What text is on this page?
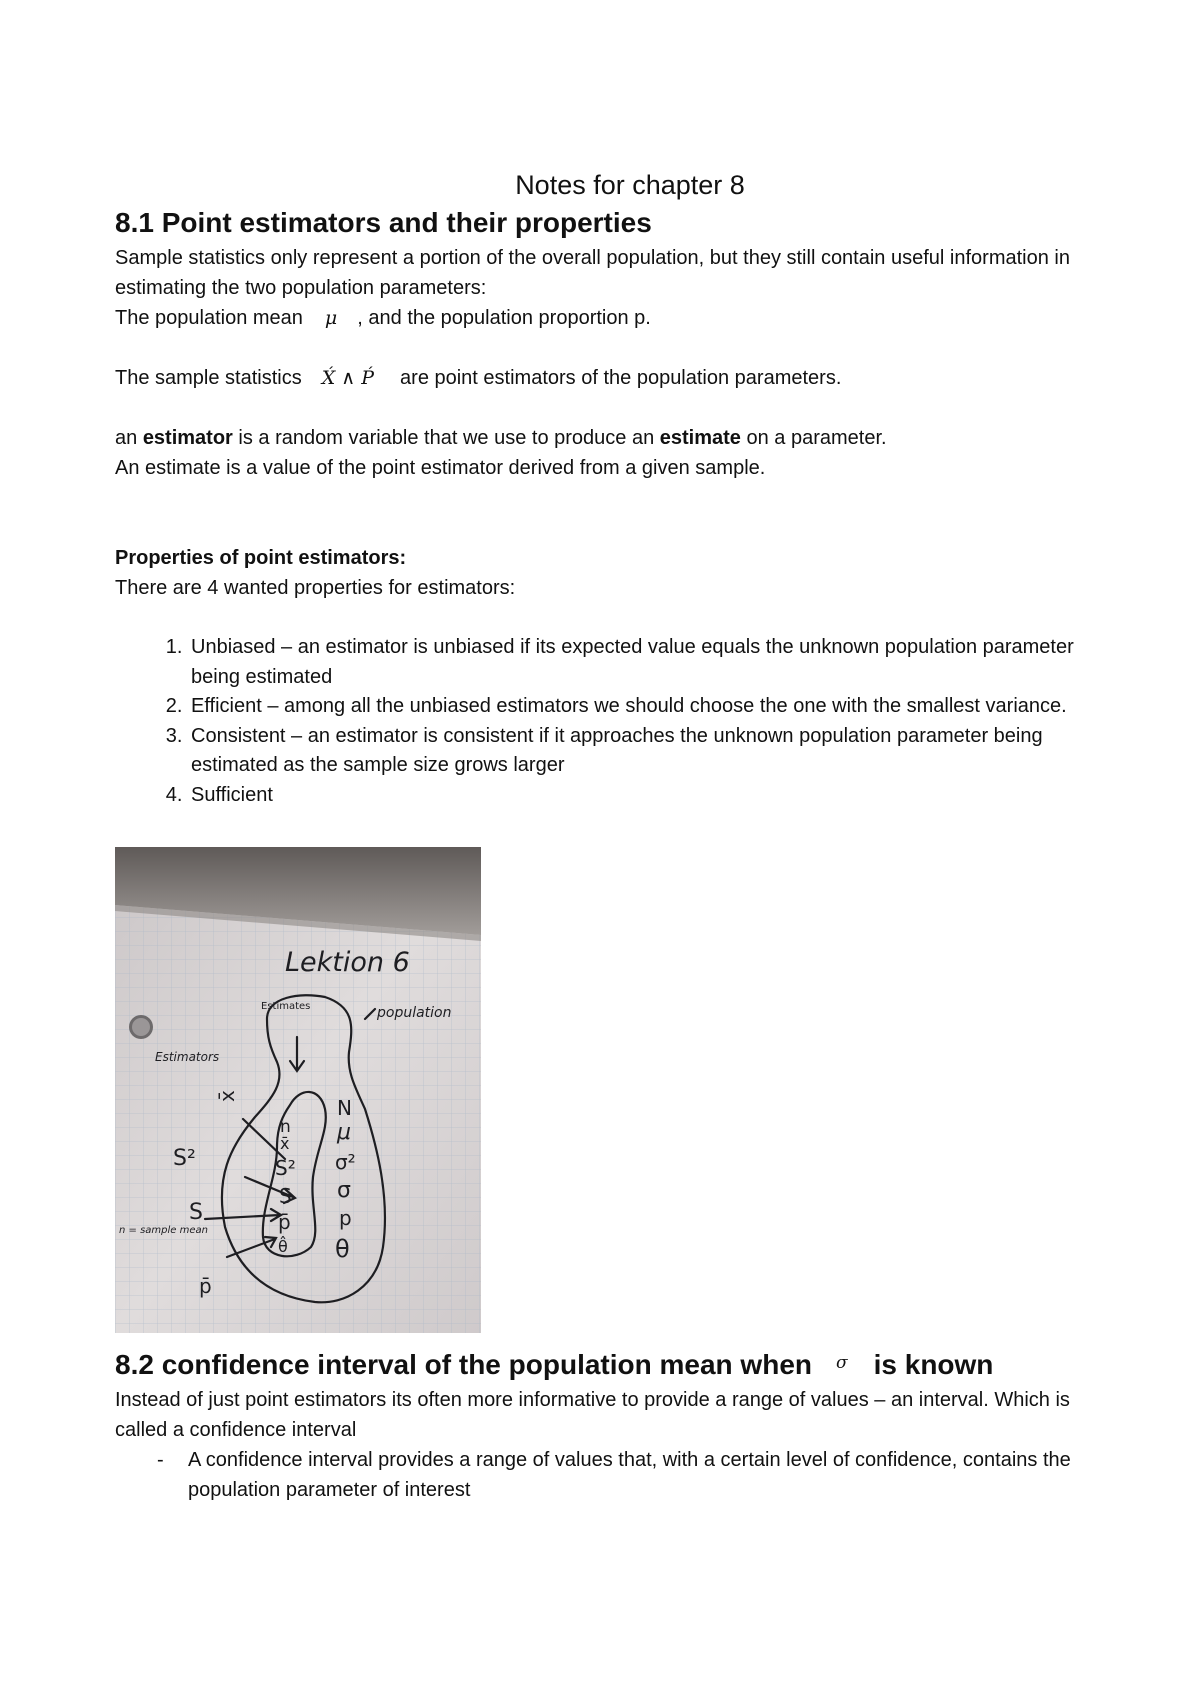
Notes for chapter 8
8.1 Point estimators and their properties

Sample statistics only represent a portion of the overall population, but they still contain useful information in estimating the two population parameters:

The population mean μ , and the population proportion p.

The sample statistics X́ ∧ Ṕ are point estimators of the population parameters.

an estimator is a random variable that we use to produce an estimate on a parameter.

An estimate is a value of the point estimator derived from a given sample.

Properties of point estimators:

There are 4 wanted properties for estimators:

1. Unbiased – an estimator is unbiased if its expected value equals the unknown population parameter being estimated
2. Efficient – among all the unbiased estimators we should choose the one with the smallest variance.
3. Consistent – an estimator is consistent if it approaches the unknown population parameter being estimated as the sample size grows larger
4. Sufficient
Lektion 6
Estimates	population
Estimators
n
x̄
S²
S
p̄
θ̂
N
μ
σ²
σ
p
θ
x̄
S²
S
n = sample mean
p̄
8.2 confidence interval of the population mean when σ is known

Instead of just point estimators its often more informative to provide a range of values – an interval. Which is called a confidence interval

- A confidence interval provides a range of values that, with a certain level of confidence, contains the population parameter of interest
